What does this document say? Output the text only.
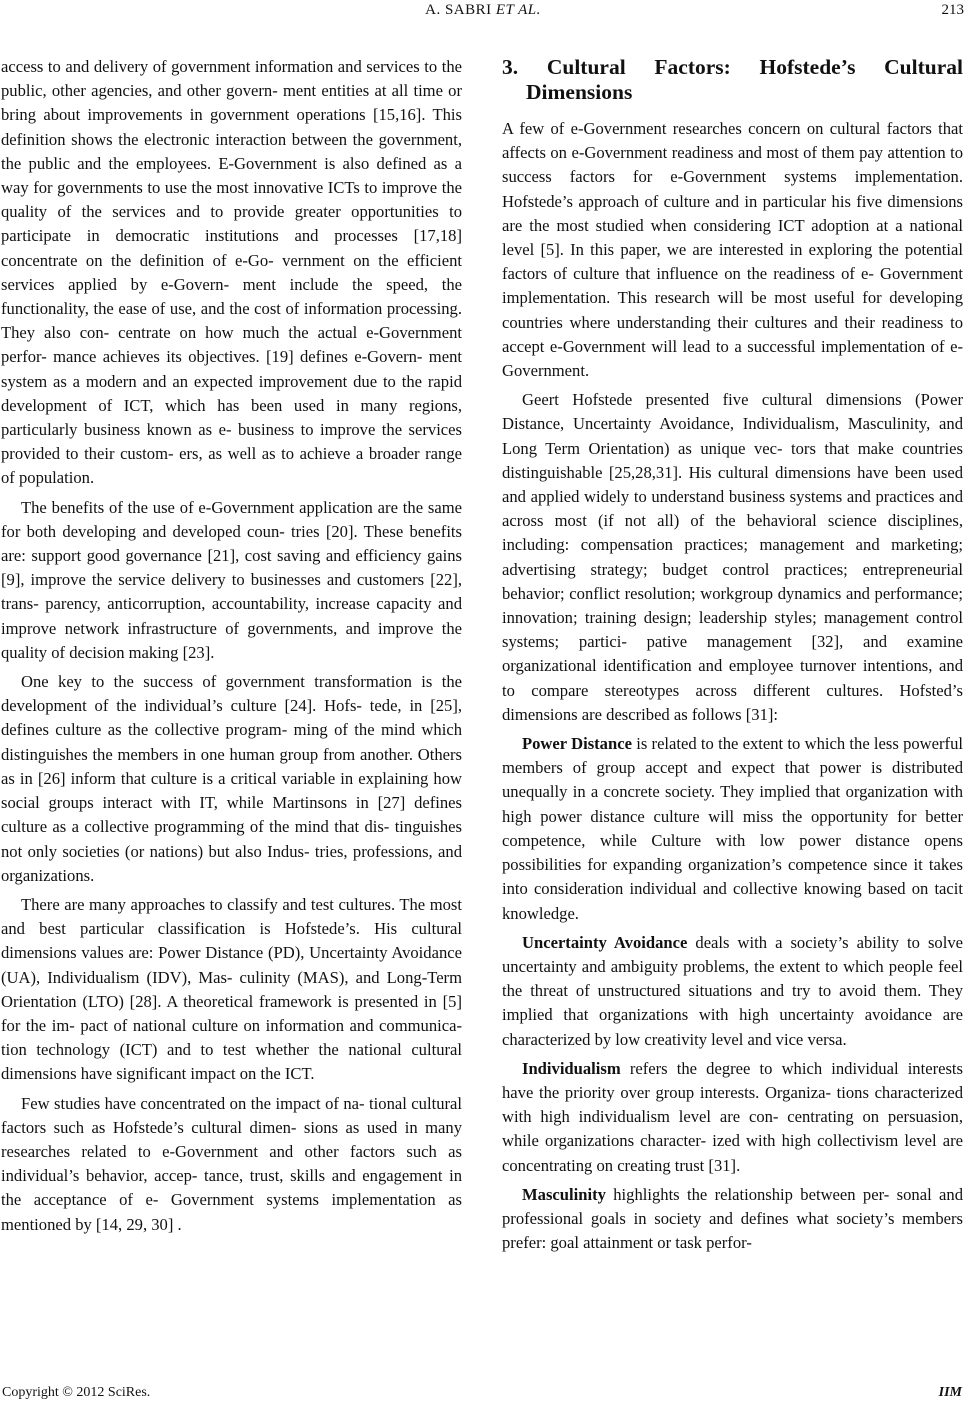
A. SABRI ET AL.	213

access to and delivery of government information and services to the public, other agencies, and other govern- ment entities at all time or bring about improvements in government operations [15,16]. This definition shows the electronic interaction between the government, the public and the employees. E-Government is also defined as a way for governments to use the most innovative ICTs to improve the quality of the services and to provide greater opportunities to participate in democratic institutions and processes [17,18] concentrate on the definition of e-Go- vernment on the efficient services applied by e-Govern- ment include the speed, the functionality, the ease of use, and the cost of information processing. They also con- centrate on how much the actual e-Government perfor- mance achieves its objectives. [19] defines e-Govern- ment system as a modern and an expected improvement due to the rapid development of ICT, which has been used in many regions, particularly business known as e- business to improve the services provided to their custom- ers, as well as to achieve a broader range of population.

The benefits of the use of e-Government application are the same for both developing and developed coun- tries [20]. These benefits are: support good governance [21], cost saving and efficiency gains [9], improve the service delivery to businesses and customers [22], trans- parency, anticorruption, accountability, increase capacity and improve network infrastructure of governments, and improve the quality of decision making [23].

One key to the success of government transformation is the development of the individual’s culture [24]. Hofs- tede, in [25], defines culture as the collective program- ming of the mind which distinguishes the members in one human group from another. Others as in [26] inform that culture is a critical variable in explaining how social groups interact with IT, while Martinsons in [27] defines culture as a collective programming of the mind that dis- tinguishes not only societies (or nations) but also Indus- tries, professions, and organizations.

There are many approaches to classify and test cultures. The most and best particular classification is Hofstede’s. His cultural dimensions values are: Power Distance (PD), Uncertainty Avoidance (UA), Individualism (IDV), Mas- culinity (MAS), and Long-Term Orientation (LTO) [28]. A theoretical framework is presented in [5] for the im- pact of national culture on information and communica- tion technology (ICT) and to test whether the national cultural dimensions have significant impact on the ICT.

Few studies have concentrated on the impact of na- tional cultural factors such as Hofstede’s cultural dimen- sions as used in many researches related to e-Government and other factors such as individual’s behavior, accep- tance, trust, skills and engagement in the acceptance of e- Government systems implementation as mentioned by [14, 29, 30] .

3. Cultural Factors: Hofstede’s Cultural Dimensions

A few of e-Government researches concern on cultural factors that affects on e-Government readiness and most of them pay attention to success factors for e-Government systems implementation. Hofstede’s approach of culture and in particular his five dimensions are the most studied when considering ICT adoption at a national level [5]. In this paper, we are interested in exploring the potential factors of culture that influence on the readiness of e- Government implementation. This research will be most useful for developing countries where understanding their cultures and their readiness to accept e-Government will lead to a successful implementation of e-Government.

Geert Hofstede presented five cultural dimensions (Power Distance, Uncertainty Avoidance, Individualism, Masculinity, and Long Term Orientation) as unique vec- tors that make countries distinguishable [25,28,31]. His cultural dimensions have been used and applied widely to understand business systems and practices and across most (if not all) of the behavioral science disciplines, including: compensation practices; management and marketing; advertising strategy; budget control practices; entrepreneurial behavior; conflict resolution; workgroup dynamics and performance; innovation; training design; leadership styles; management control systems; partici- pative management [32], and examine organizational identification and employee turnover intentions, and to compare stereotypes across different cultures. Hofsted’s dimensions are described as follows [31]:

Power Distance is related to the extent to which the less powerful members of group accept and expect that power is distributed unequally in a concrete society. They implied that organization with high power distance culture will miss the opportunity for better competence, while Culture with low power distance opens possibilities for expanding organization’s competence since it takes into consideration individual and collective knowing based on tacit knowledge.

Uncertainty Avoidance deals with a society’s ability to solve uncertainty and ambiguity problems, the extent to which people feel the threat of unstructured situations and try to avoid them. They implied that organizations with high uncertainty avoidance are characterized by low creativity level and vice versa.

Individualism refers the degree to which individual interests have the priority over group interests. Organiza- tions characterized with high individualism level are con- centrating on persuasion, while organizations character- ized with high collectivism level are concentrating on creating trust [31].

Masculinity highlights the relationship between per- sonal and professional goals in society and defines what society’s members prefer: goal attainment or task perfor-

Copyright © 2012 SciRes.	IIM
